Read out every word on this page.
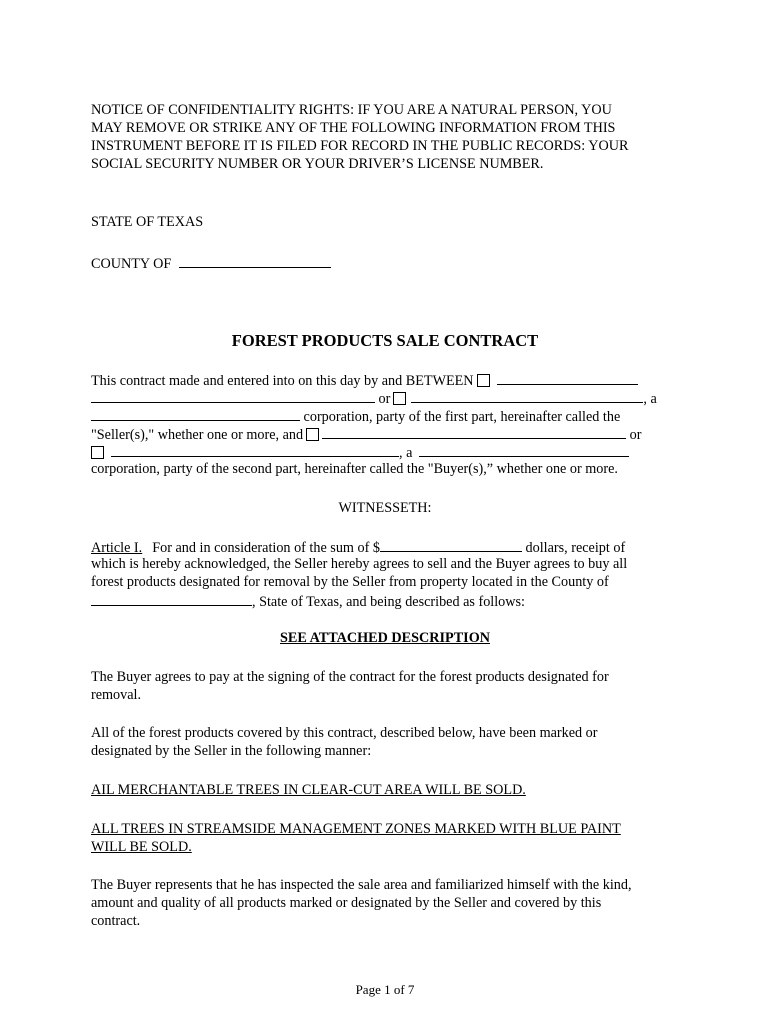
NOTICE OF CONFIDENTIALITY RIGHTS: IF YOU ARE A NATURAL PERSON, YOU
MAY REMOVE OR STRIKE ANY OF THE FOLLOWING INFORMATION FROM THIS
INSTRUMENT BEFORE IT IS FILED FOR RECORD IN THE PUBLIC RECORDS: YOUR
SOCIAL SECURITY NUMBER OR YOUR DRIVER’S LICENSE NUMBER.
STATE OF TEXAS
COUNTY OF
FOREST PRODUCTS SALE CONTRACT
This contract made and entered into on this day by and BETWEEN
or	, a
corporation, party of the first part, hereinafter called the
"Seller(s)," whether one or more, and	or
, a
corporation, party of the second part, hereinafter called the "Buyer(s),” whether one or more.
WITNESSETH:
Article I. For and in consideration of the sum of $	dollars, receipt of
which is hereby acknowledged, the Seller hereby agrees to sell and the Buyer agrees to buy all
forest products designated for removal by the Seller from property located in the County of
, State of Texas, and being described as follows:
SEE ATTACHED DESCRIPTION
The Buyer agrees to pay at the signing of the contract for the forest products designated for
removal.
All of the forest products covered by this contract, described below, have been marked or
designated by the Seller in the following manner:
AIL MERCHANTABLE TREES IN CLEAR-CUT AREA WILL BE SOLD.
ALL TREES IN STREAMSIDE MANAGEMENT ZONES MARKED WITH BLUE PAINT
WILL BE SOLD.
The Buyer represents that he has inspected the sale area and familiarized himself with the kind,
amount and quality of all products marked or designated by the Seller and covered by this
contract.
Page 1 of 7
